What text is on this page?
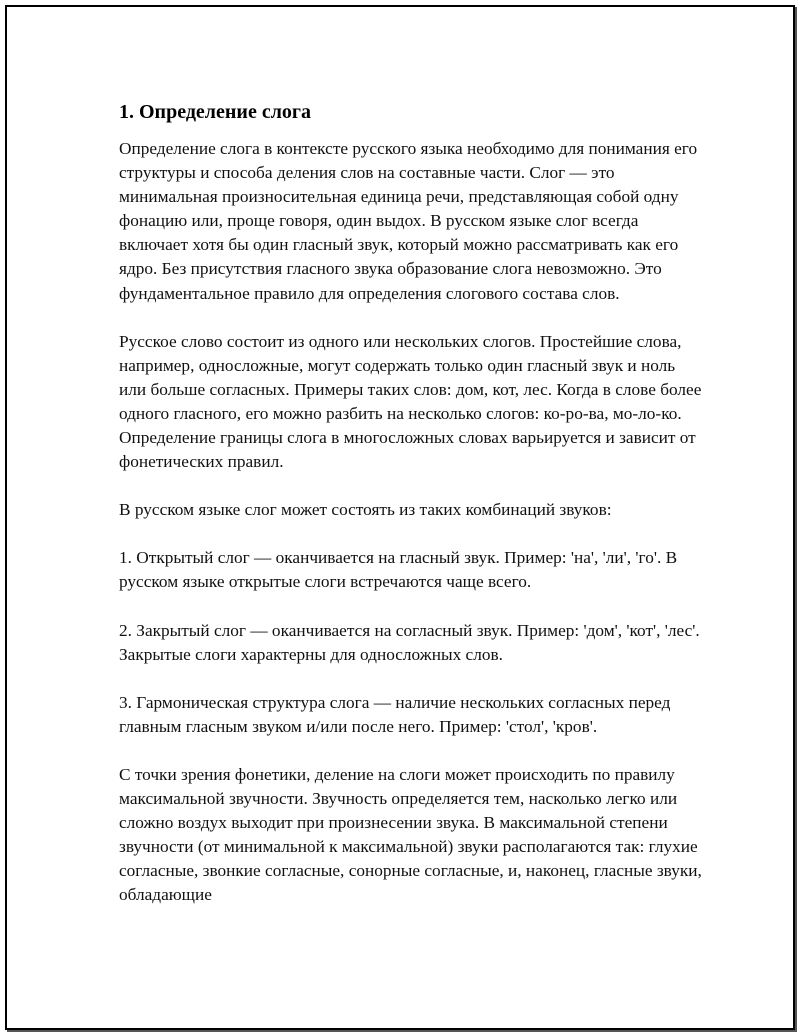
1. Определение слога

Определение слога в контексте русского языка необходимо для понимания его структуры и способа деления слов на составные части. Слог — это минимальная произносительная единица речи, представляющая собой одну фонацию или, проще говоря, один выдох. В русском языке слог всегда включает хотя бы один гласный звук, который можно рассматривать как его ядро. Без присутствия гласного звука образование слога невозможно. Это фундаментальное правило для определения слогового состава слов.

Русское слово состоит из одного или нескольких слогов. Простейшие слова, например, односложные, могут содержать только один гласный звук и ноль или больше согласных. Примеры таких слов: дом, кот, лес. Когда в слове более одного гласного, его можно разбить на несколько слогов: ко-ро-ва, мо-ло-ко. Определение границы слога в многосложных словах варьируется и зависит от фонетических правил.

В русском языке слог может состоять из таких комбинаций звуков:

1. Открытый слог — оканчивается на гласный звук. Пример: 'на', 'ли', 'го'. В русском языке открытые слоги встречаются чаще всего.

2. Закрытый слог — оканчивается на согласный звук. Пример: 'дом', 'кот', 'лес'. Закрытые слоги характерны для односложных слов.

3. Гармоническая структура слога — наличие нескольких согласных перед главным гласным звуком и/или после него. Пример: 'стол', 'кров'.

С точки зрения фонетики, деление на слоги может происходить по правилу максимальной звучности. Звучность определяется тем, насколько легко или сложно воздух выходит при произнесении звука. В максимальной степени звучности (от минимальной к максимальной) звуки располагаются так: глухие согласные, звонкие согласные, сонорные согласные, и, наконец, гласные звуки, обладающие
